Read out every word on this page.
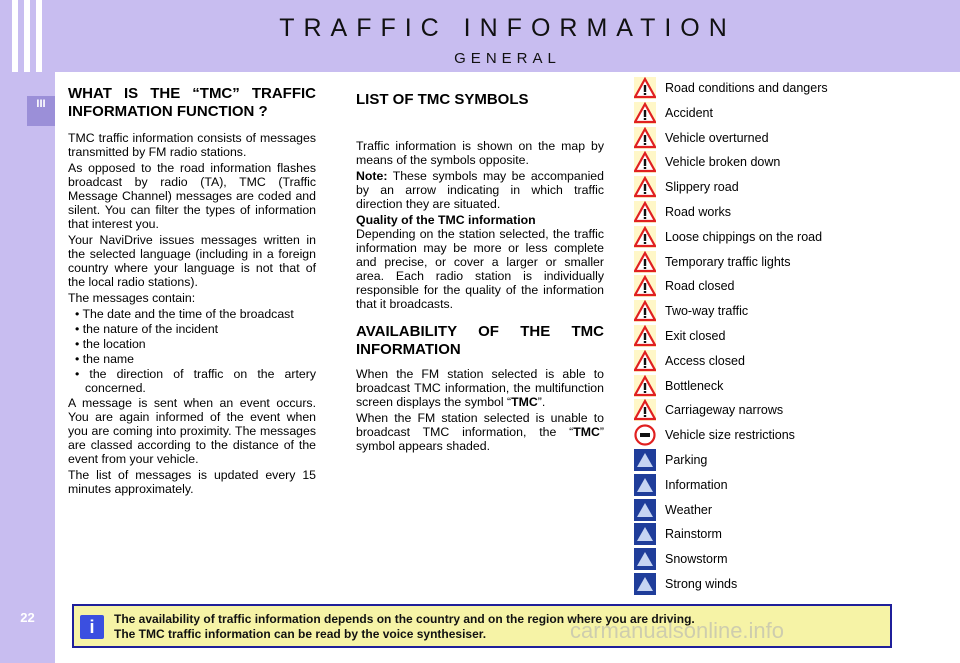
III
22
TRAFFIC INFORMATION
GENERAL
WHAT IS THE “TMC” TRAFFIC INFORMATION FUNCTION ?

TMC traffic information consists of messages transmitted by FM radio stations.

As opposed to the road information flashes broadcast by radio (TA), TMC (Traffic Message Channel) messages are coded and silent. You can filter the types of information that interest you.

Your NaviDrive issues messages written in the selected language (including in a foreign country where your language is not that of the local radio stations).

The messages contain:

• The date and the time of the broadcast
• the nature of the incident
• the location
• the name
• the direction of traffic on the artery concerned.

A message is sent when an event occurs. You are again informed of the event when you are coming into proximity. The messages are classed according to the distance of the event from your vehicle.

The list of messages is updated every 15 minutes approximately.

LIST OF TMC SYMBOLS

Traffic information is shown on the map by means of the symbols opposite.

Note: These symbols may be accompanied by an arrow indicating in which traffic direction they are situated.

Quality of the TMC information
Depending on the station selected, the traffic information may be more or less complete and precise, or cover a larger or smaller area. Each radio station is individually responsible for the quality of the information that it broadcasts.

AVAILABILITY OF THE TMC INFORMATION

When the FM station selected is able to broadcast TMC information, the multifunction screen displays the symbol “TMC”.

When the FM station selected is unable to broadcast TMC information, the “TMC” symbol appears shaded.

Road conditions and dangers
Accident
Vehicle overturned
Vehicle broken down
Slippery road
Road works
Loose chippings on the road
Temporary traffic lights
Road closed
Two-way traffic
Exit closed
Access closed
Bottleneck
Carriageway narrows
Vehicle size restrictions
Parking
Information
Weather
Rainstorm
Snowstorm
Strong winds
i	The availability of traffic information depends on the country and on the region where you are driving.
The TMC traffic information can be read by the voice synthesiser.	carmanualsonline.info
